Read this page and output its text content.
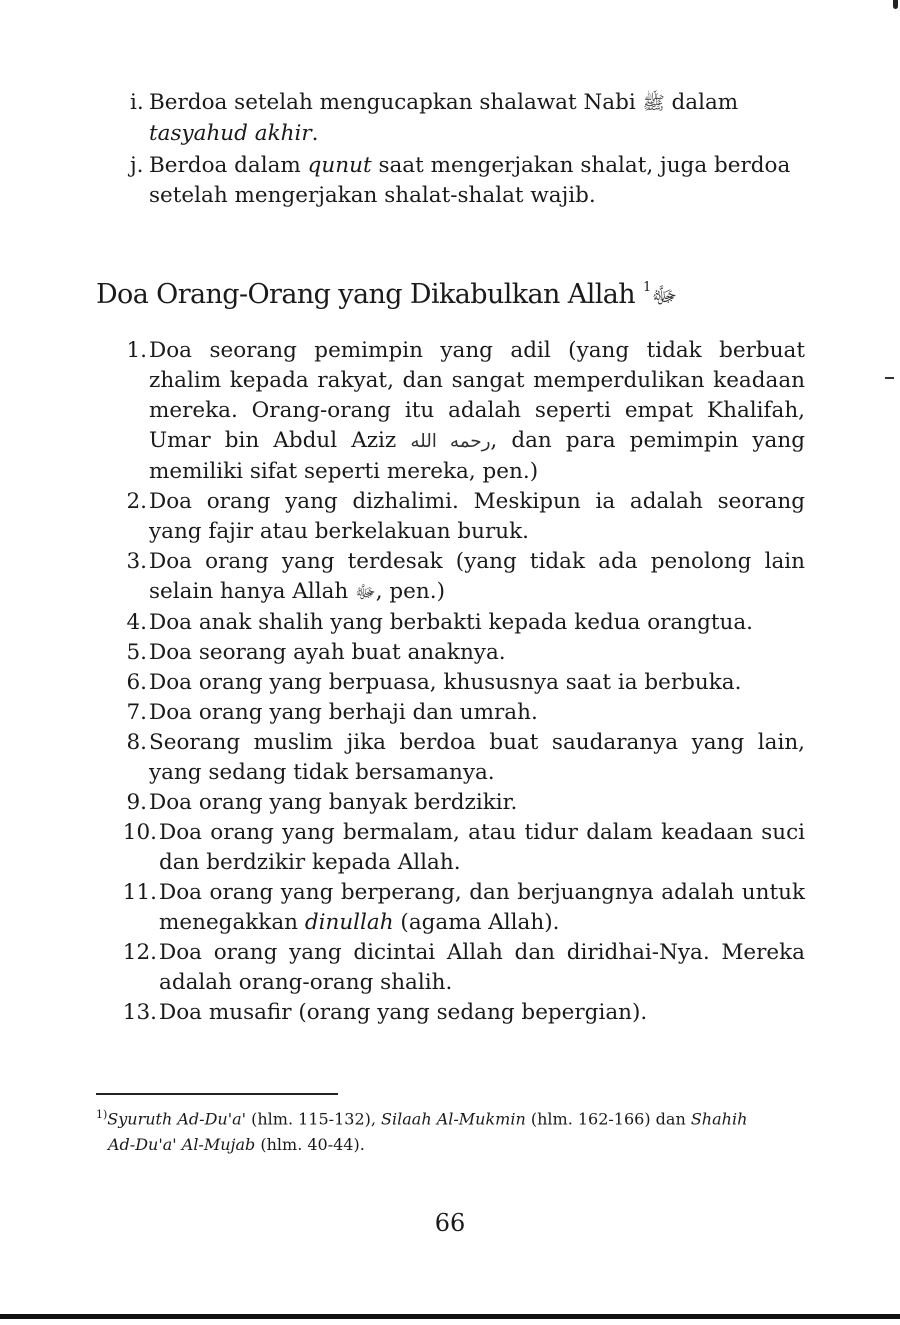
i. Berdoa setelah mengucapkan shalawat Nabi ﷺ dalam tasyahud akhir.
j. Berdoa dalam qunut saat mengerjakan shalat, juga berdoa setelah mengerjakan shalat-shalat wajib.
Doa Orang-Orang yang Dikabulkan Allah ﷻ$^1$
1. Doa seorang pemimpin yang adil (yang tidak berbuat zhalim kepada rakyat, dan sangat memperdulikan keadaan mereka. Orang-orang itu adalah seperti empat Khalifah, Umar bin Abdul Aziz رحمه الله, dan para pemimpin yang memiliki sifat seperti mereka, pen.)
2. Doa orang yang dizhalimi. Meskipun ia adalah seorang yang fajir atau berkelakuan buruk.
3. Doa orang yang terdesak (yang tidak ada penolong lain selain hanya Allah ﷻ, pen.)
4. Doa anak shalih yang berbakti kepada kedua orangtua.
5. Doa seorang ayah buat anaknya.
6. Doa orang yang berpuasa, khususnya saat ia berbuka.
7. Doa orang yang berhaji dan umrah.
8. Seorang muslim jika berdoa buat saudaranya yang lain, yang sedang tidak bersamanya.
9. Doa orang yang banyak berdzikir.
10. Doa orang yang bermalam, atau tidur dalam keadaan suci dan berdzikir kepada Allah.
11. Doa orang yang berperang, dan berjuangnya adalah untuk menegakkan dinullah (agama Allah).
12. Doa orang yang dicintai Allah dan diridhai-Nya. Mereka adalah orang-orang shalih.
13. Doa musafir (orang yang sedang bepergian).
$^{1)}$Syuruth Ad-Du'a' (hlm. 115-132), Silaah Al-Mukmin (hlm. 162-166) dan Shahih
Ad-Du'a' Al-Mujab (hlm. 40-44).
66
